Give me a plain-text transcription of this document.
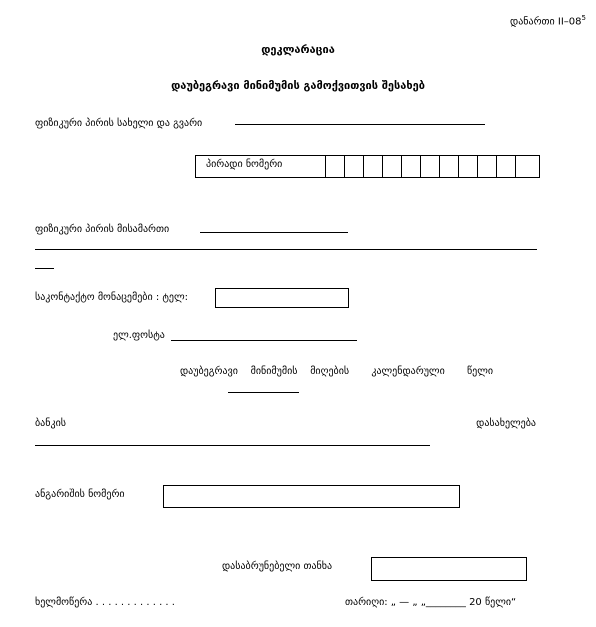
დანართი $II-08^5$
დეკლარაცია
დაუბეგრავი მინიმუმის გამოქვითვის შესახებ
ფიზიკური პირის სახელი და გვარი
პირადი ნომერი
ფიზიკური პირის მისამართი
საკონტაქტო მონაცემები : ტელ:
ელ.ფოსტა
დაუბეგრავი    მინიმუმის    მიღების       კალენდარული       წელი
ბანკის	დასახელება
ანგარიშის ნომერი
დასაბრუნებელი თანხა
ხელმოწერა . . . . . . . . . . . . .	თარიღი: „ — „ „________ 20 წელი“
